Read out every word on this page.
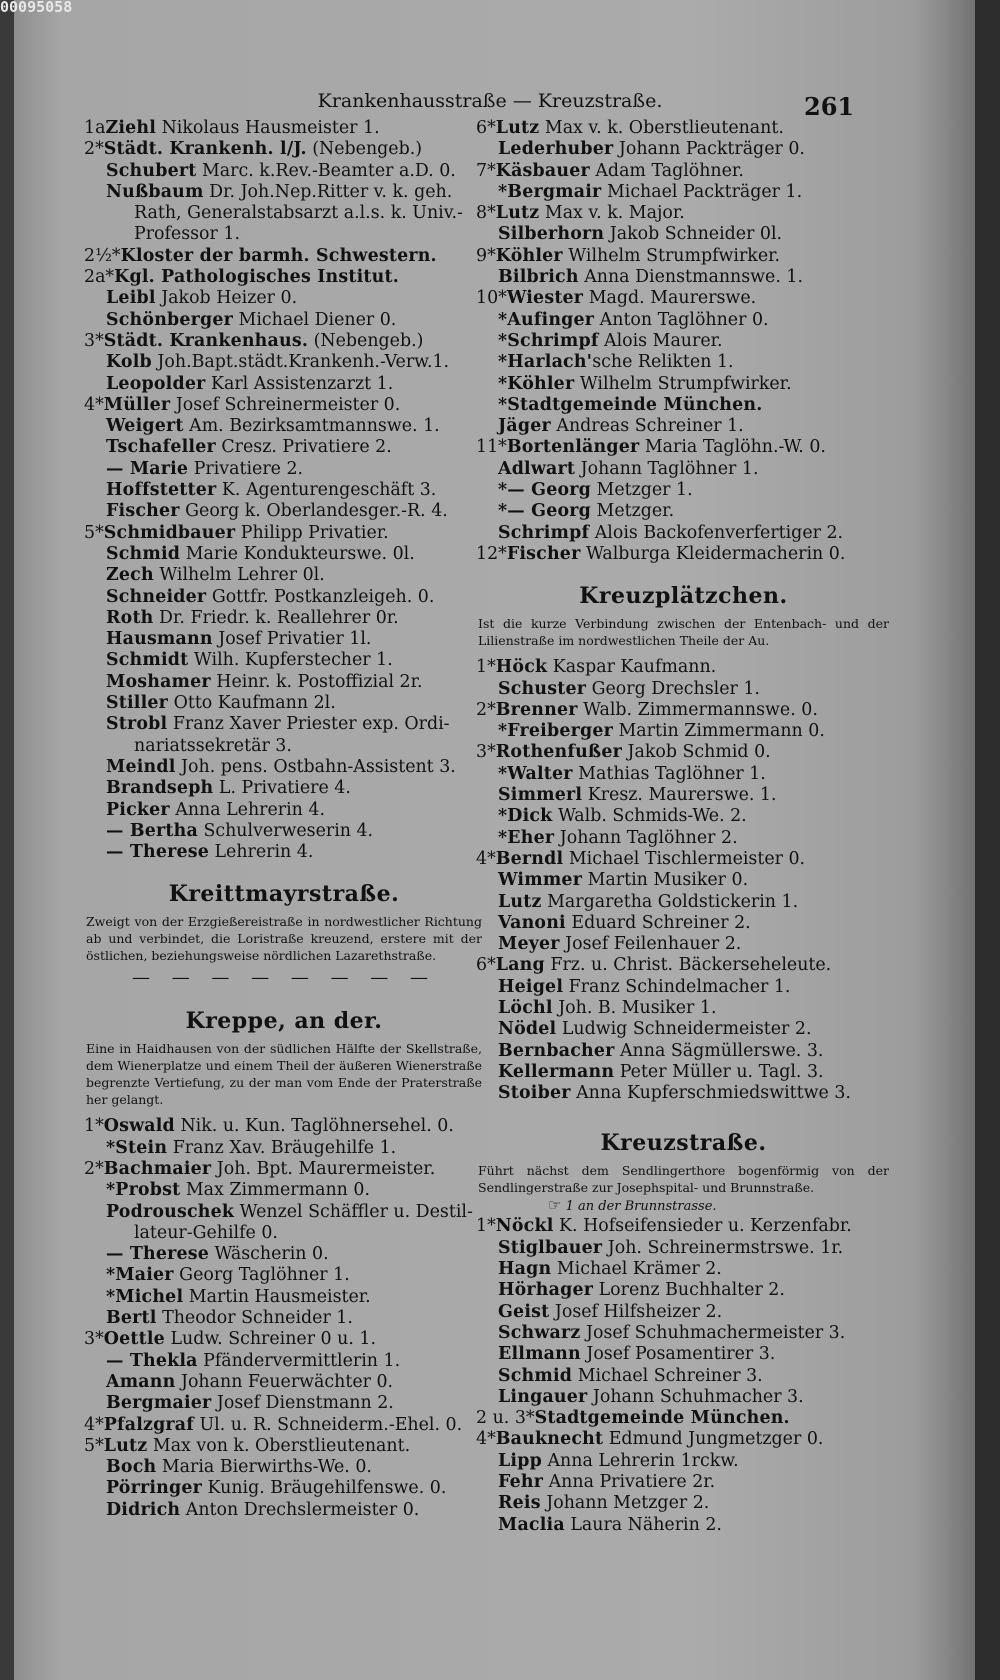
00095058
Krankenhausstraße — Kreuzstraße.	261
1aZiehl Nikolaus Hausmeister 1.
2*Städt. Krankenh. l/J. (Nebengeb.)
Schubert Marc. k.Rev.-Beamter a.D. 0.
Nußbaum Dr. Joh.Nep.Ritter v. k. geh.
Rath, Generalstabsarzt a.l.s. k. Univ.-
Professor 1.
2½*Kloster der barmh. Schwestern.
2a*Kgl. Pathologisches Institut.
Leibl Jakob Heizer 0.
Schönberger Michael Diener 0.
3*Städt. Krankenhaus. (Nebengeb.)
Kolb Joh.Bapt.städt.Krankenh.-Verw.1.
Leopolder Karl Assistenzarzt 1.
4*Müller Josef Schreinermeister 0.
Weigert Am. Bezirksamtmannswe. 1.
Tschafeller Cresz. Privatiere 2.
— Marie Privatiere 2.
Hoffstetter K. Agenturengeschäft 3.
Fischer Georg k. Oberlandesger.-R. 4.
5*Schmidbauer Philipp Privatier.
Schmid Marie Kondukteurswe. 0l.
Zech Wilhelm Lehrer 0l.
Schneider Gottfr. Postkanzleigeh. 0.
Roth Dr. Friedr. k. Reallehrer 0r.
Hausmann Josef Privatier 1l.
Schmidt Wilh. Kupferstecher 1.
Moshamer Heinr. k. Postoffizial 2r.
Stiller Otto Kaufmann 2l.
Strobl Franz Xaver Priester exp. Ordi-
nariatssekretär 3.
Meindl Joh. pens. Ostbahn-Assistent 3.
Brandseph L. Privatiere 4.
Picker Anna Lehrerin 4.
— Bertha Schulverweserin 4.
— Therese Lehrerin 4.
Kreittmayrstraße.
Zweigt von der Erzgießereistraße in nordwestlicher Richtung ab und verbindet, die Loristraße kreuzend, erstere mit der östlichen, beziehungsweise nördlichen Lazarethstraße.
— — — — — — — —
Kreppe, an der.
Eine in Haidhausen von der südlichen Hälfte der Skellstraße, dem Wienerplatze und einem Theil der äußeren Wienerstraße begrenzte Vertiefung, zu der man vom Ende der Praterstraße her gelangt.
1*Oswald Nik. u. Kun. Taglöhnersehel. 0.
*Stein Franz Xav. Bräugehilfe 1.
2*Bachmaier Joh. Bpt. Maurermeister.
*Probst Max Zimmermann 0.
Podrouschek Wenzel Schäffler u. Destil-
lateur-Gehilfe 0.
— Therese Wäscherin 0.
*Maier Georg Taglöhner 1.
*Michel Martin Hausmeister.
Bertl Theodor Schneider 1.
3*Oettle Ludw. Schreiner 0 u. 1.
— Thekla Pfändervermittlerin 1.
Amann Johann Feuerwächter 0.
Bergmaier Josef Dienstmann 2.
4*Pfalzgraf Ul. u. R. Schneiderm.-Ehel. 0.
5*Lutz Max von k. Oberstlieutenant.
Boch Maria Bierwirths-We. 0.
Pörringer Kunig. Bräugehilfenswe. 0.
Didrich Anton Drechslermeister 0.
6*Lutz Max v. k. Oberstlieutenant.
Lederhuber Johann Packträger 0.
7*Käsbauer Adam Taglöhner.
*Bergmair Michael Packträger 1.
8*Lutz Max v. k. Major.
Silberhorn Jakob Schneider 0l.
9*Köhler Wilhelm Strumpfwirker.
Bilbrich Anna Dienstmannswe. 1.
10*Wiester Magd. Maurerswe.
*Aufinger Anton Taglöhner 0.
*Schrimpf Alois Maurer.
*Harlach'sche Relikten 1.
*Köhler Wilhelm Strumpfwirker.
*Stadtgemeinde München.
Jäger Andreas Schreiner 1.
11*Bortenlänger Maria Taglöhn.-W. 0.
Adlwart Johann Taglöhner 1.
*— Georg Metzger 1.
*— Georg Metzger.
Schrimpf Alois Backofenverfertiger 2.
12*Fischer Walburga Kleidermacherin 0.
Kreuzplätzchen.
Ist die kurze Verbindung zwischen der Entenbach- und der Lilienstraße im nordwestlichen Theile der Au.
1*Höck Kaspar Kaufmann.
Schuster Georg Drechsler 1.
2*Brenner Walb. Zimmermannswe. 0.
*Freiberger Martin Zimmermann 0.
3*Rothenfußer Jakob Schmid 0.
*Walter Mathias Taglöhner 1.
Simmerl Kresz. Maurerswe. 1.
*Dick Walb. Schmids-We. 2.
*Eher Johann Taglöhner 2.
4*Berndl Michael Tischlermeister 0.
Wimmer Martin Musiker 0.
Lutz Margaretha Goldstickerin 1.
Vanoni Eduard Schreiner 2.
Meyer Josef Feilenhauer 2.
6*Lang Frz. u. Christ. Bäckerseheleute.
Heigel Franz Schindelmacher 1.
Löchl Joh. B. Musiker 1.
Nödel Ludwig Schneidermeister 2.
Bernbacher Anna Sägmüllerswe. 3.
Kellermann Peter Müller u. Tagl. 3.
Stoiber Anna Kupferschmiedswittwe 3.
Kreuzstraße.
Führt nächst dem Sendlingerthore bogenförmig von der Sendlingerstraße zur Josephspital- und Brunnstraße.
☞ 1 an der Brunnstrasse.
1*Nöckl K. Hofseifensieder u. Kerzenfabr.
Stiglbauer Joh. Schreinermstrswe. 1r.
Hagn Michael Krämer 2.
Hörhager Lorenz Buchhalter 2.
Geist Josef Hilfsheizer 2.
Schwarz Josef Schuhmachermeister 3.
Ellmann Josef Posamentirer 3.
Schmid Michael Schreiner 3.
Lingauer Johann Schuhmacher 3.
2 u. 3*Stadtgemeinde München.
4*Bauknecht Edmund Jungmetzger 0.
Lipp Anna Lehrerin 1rckw.
Fehr Anna Privatiere 2r.
Reis Johann Metzger 2.
Maclia Laura Näherin 2.
